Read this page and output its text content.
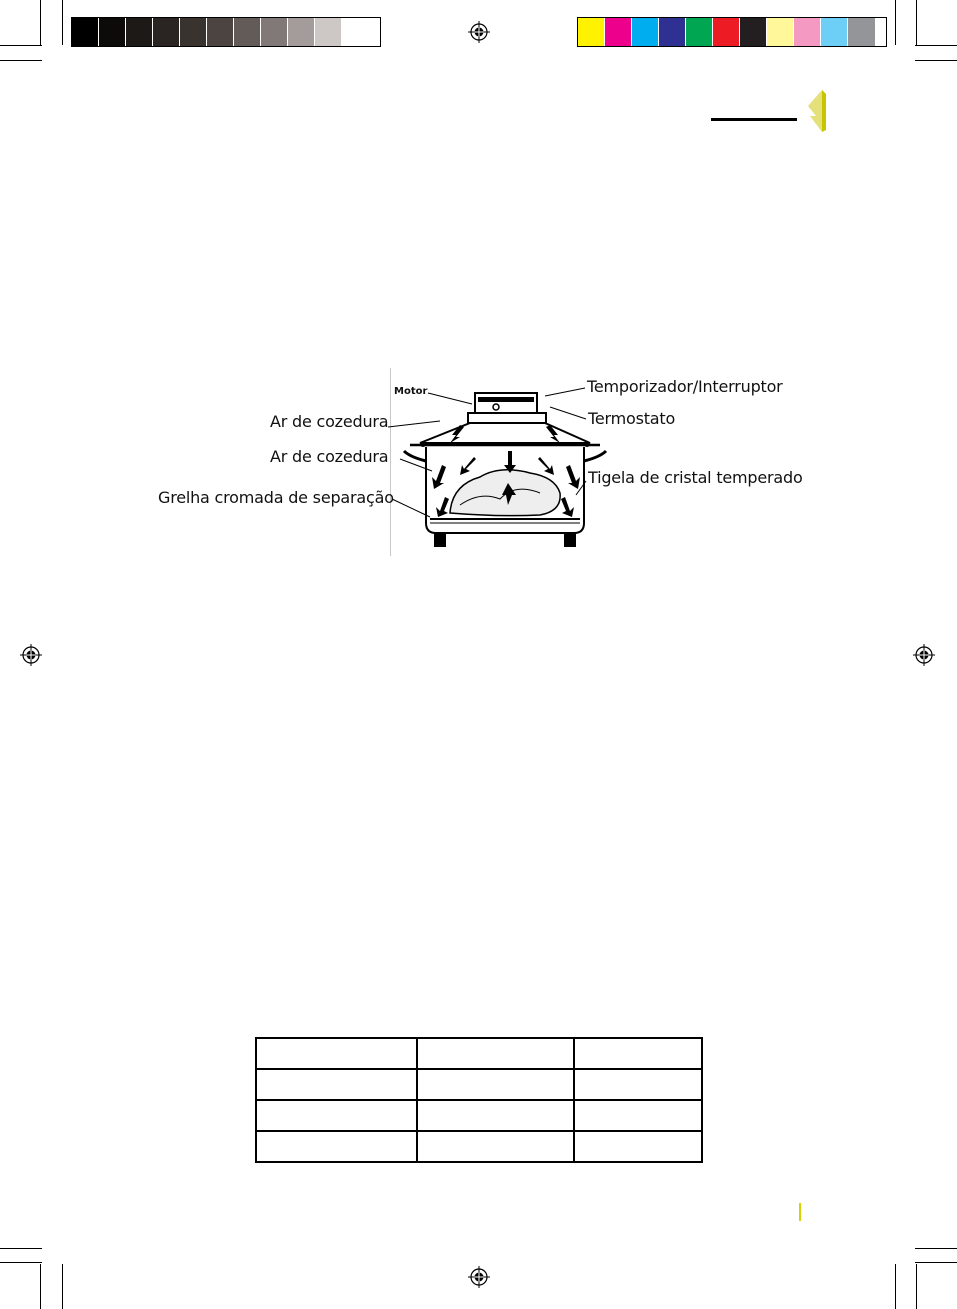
Motor	Temporizador/Interruptor
Termostato
Ar de cozedura
Ar de cozedura
Tigela de cristal temperado
Grelha cromada de separação
